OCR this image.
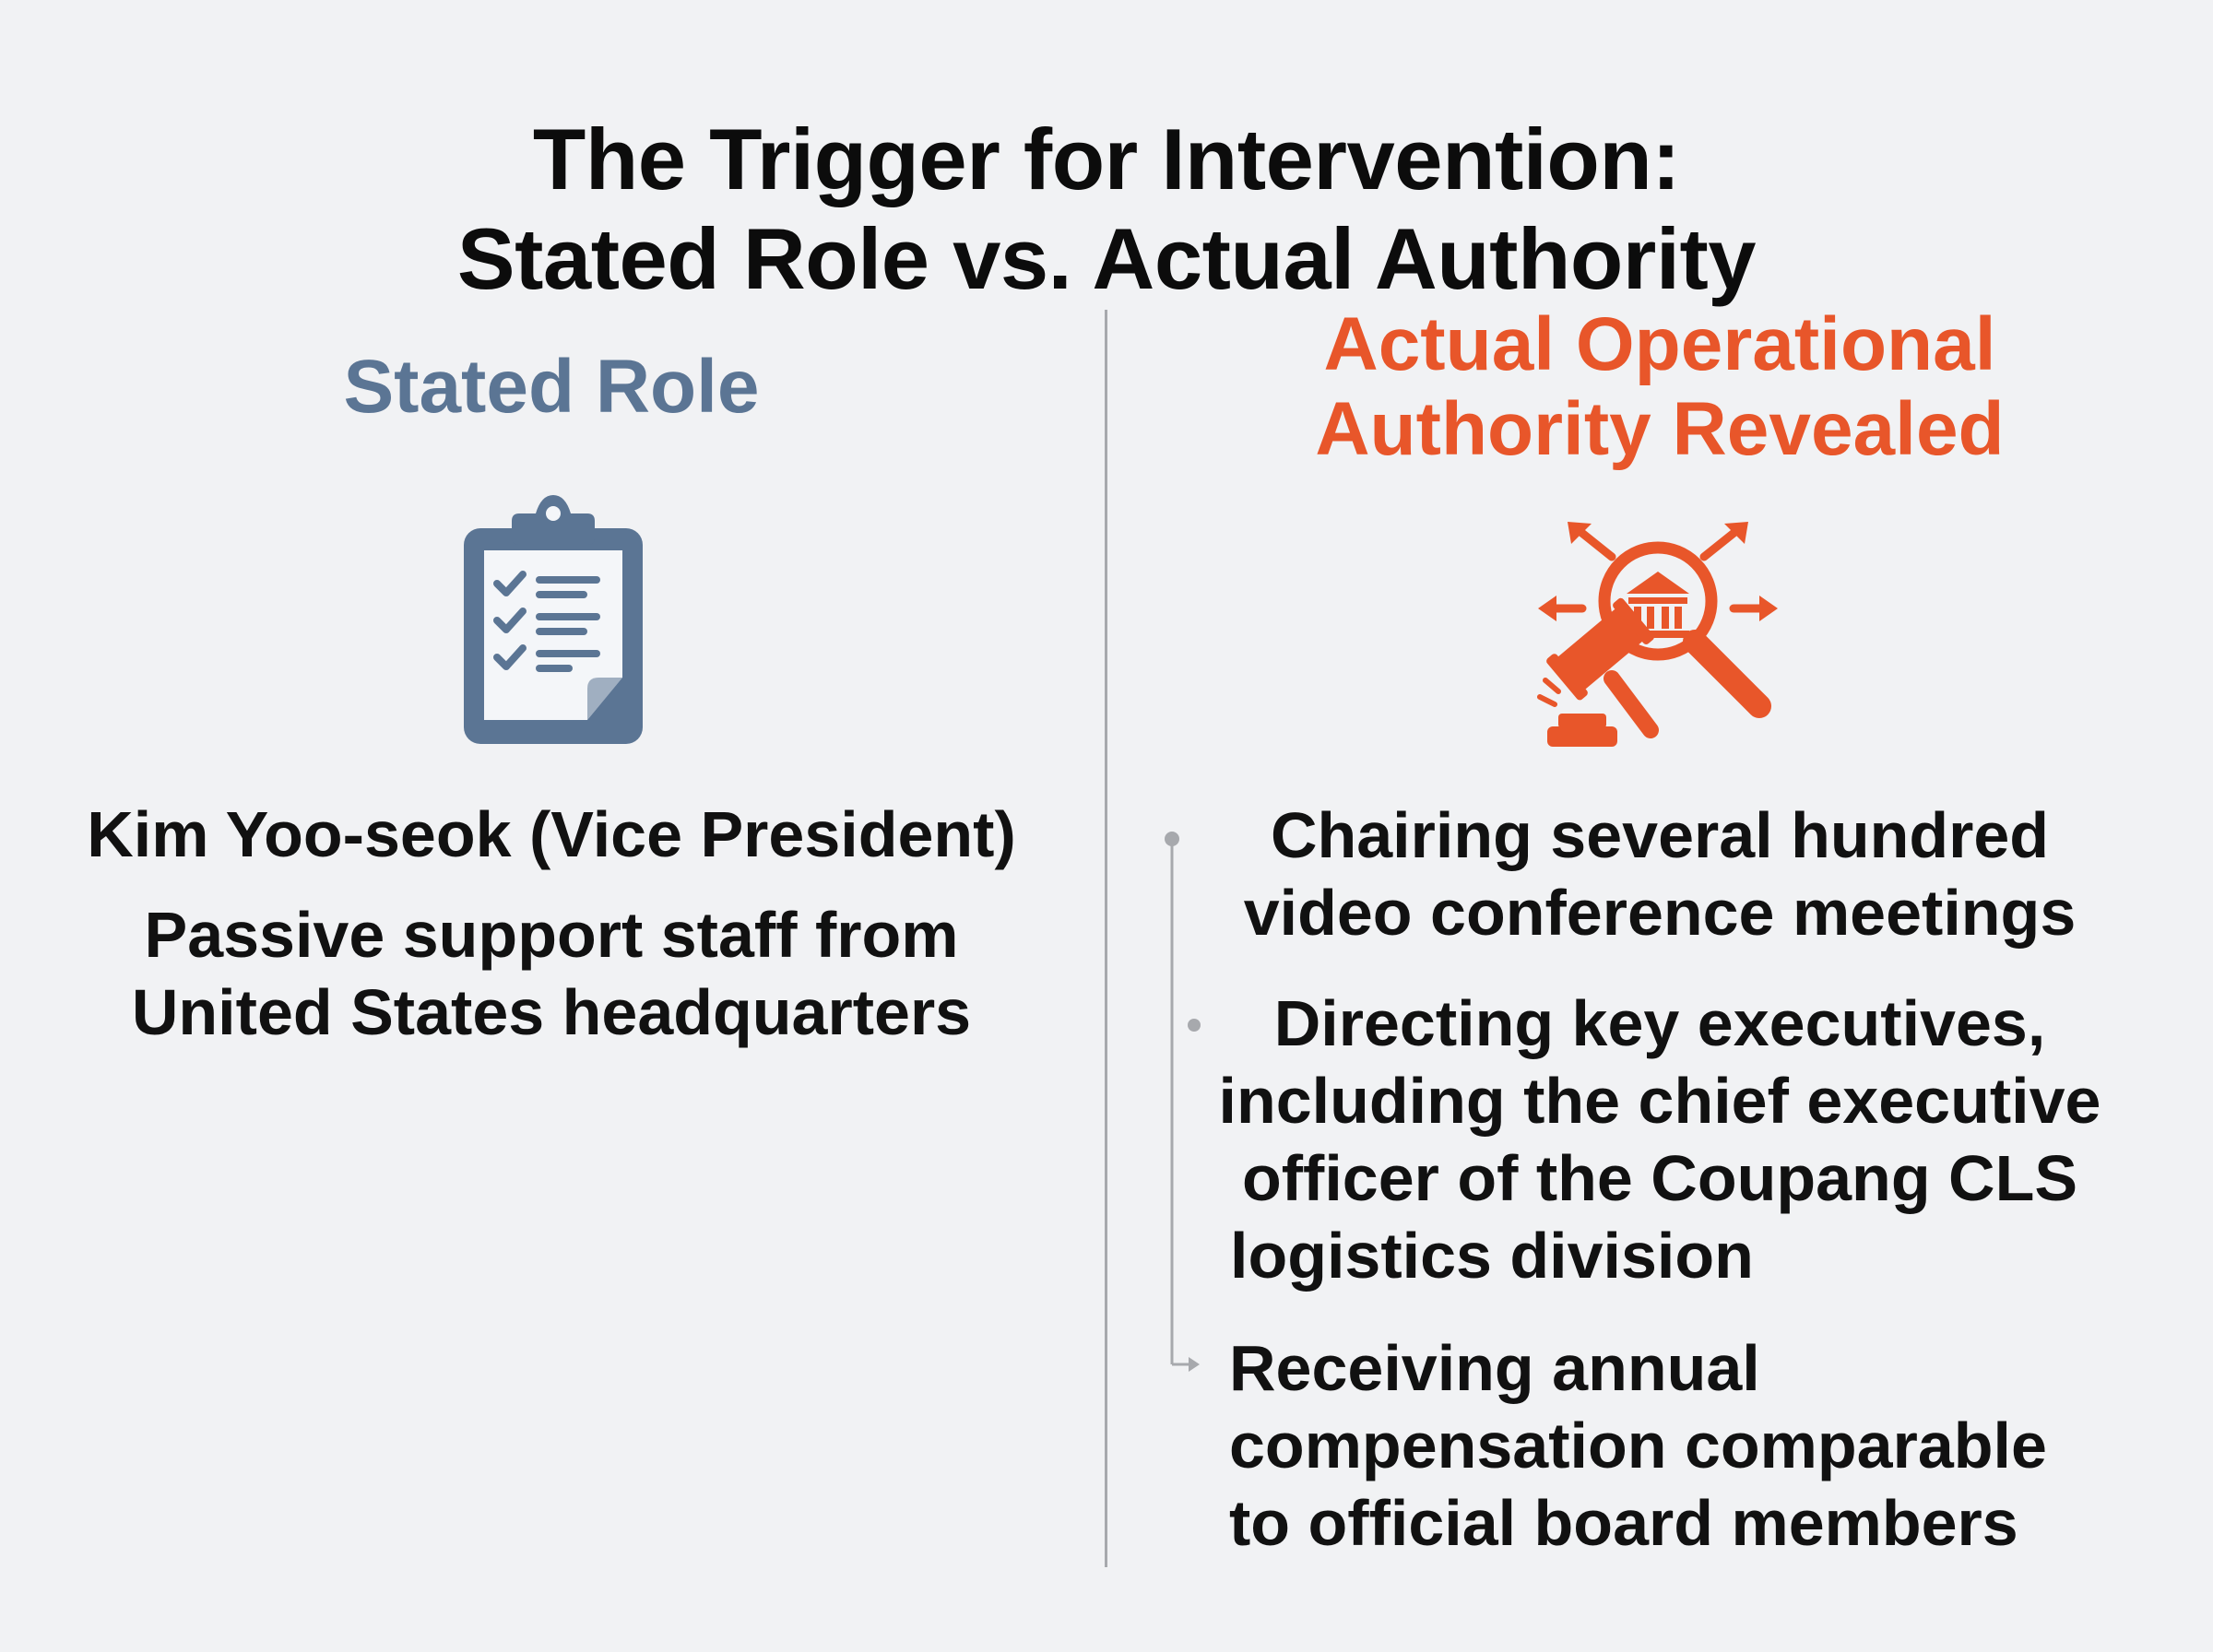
The Trigger for Intervention:
Stated Role vs. Actual Authority
Stated Role
Kim Yoo-seok (Vice President)
Passive support staff from
United States headquarters
Actual Operational
Authority Revealed
Chairing several hundred
video conference meetings
Directing key executives,
including the chief executive
officer of the Coupang CLS
logistics division
Receiving annual
compensation comparable
to official board members
